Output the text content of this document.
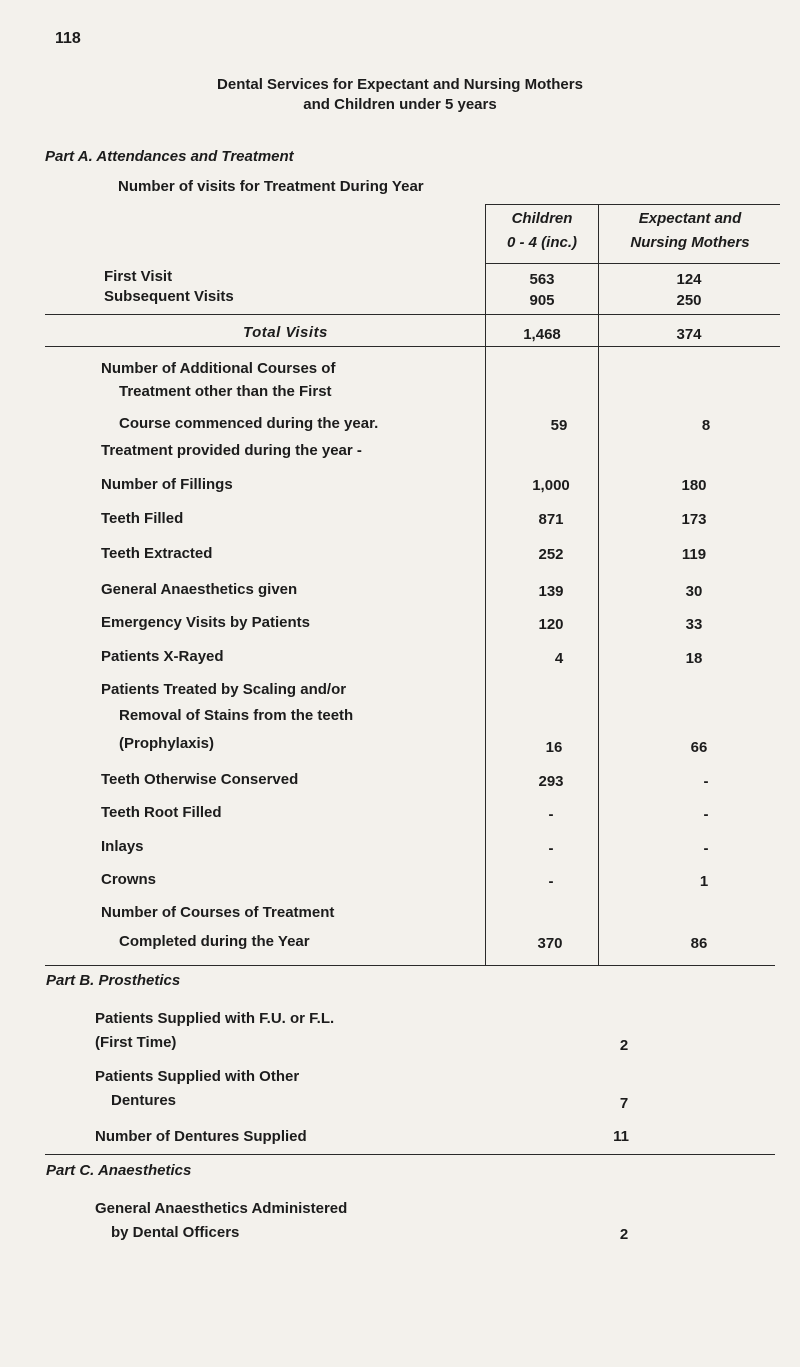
118
Dental Services for Expectant and Nursing Mothers
and Children under 5 years
Part A. Attendances and Treatment
Number of visits for Treatment During Year
Children
0 - 4 (inc.)
Expectant and
Nursing Mothers
First Visit	563	124
Subsequent Visits	905	250
Total Visits	1,468	374
Number of Additional Courses of
Treatment other than the First
Course commenced during the year.	59	8
Treatment provided during the year -
Number of Fillings	1,000	180
Teeth Filled	871	173
Teeth Extracted	252	119
General Anaesthetics given	139	30
Emergency Visits by Patients	120	33
Patients X-Rayed	4	18
Patients Treated by Scaling and/or
Removal of Stains from the teeth
(Prophylaxis)	16	66
Teeth Otherwise Conserved	293	-
Teeth Root Filled	-	-
Inlays	-	-
Crowns	-	1
Number of Courses of Treatment
Completed during the Year	370	86
Part B. Prosthetics
Patients Supplied with F.U. or F.L.
(First Time)	2
Patients Supplied with Other
Dentures	7
Number of Dentures Supplied	11
Part C. Anaesthetics
General Anaesthetics Administered
by Dental Officers	2
